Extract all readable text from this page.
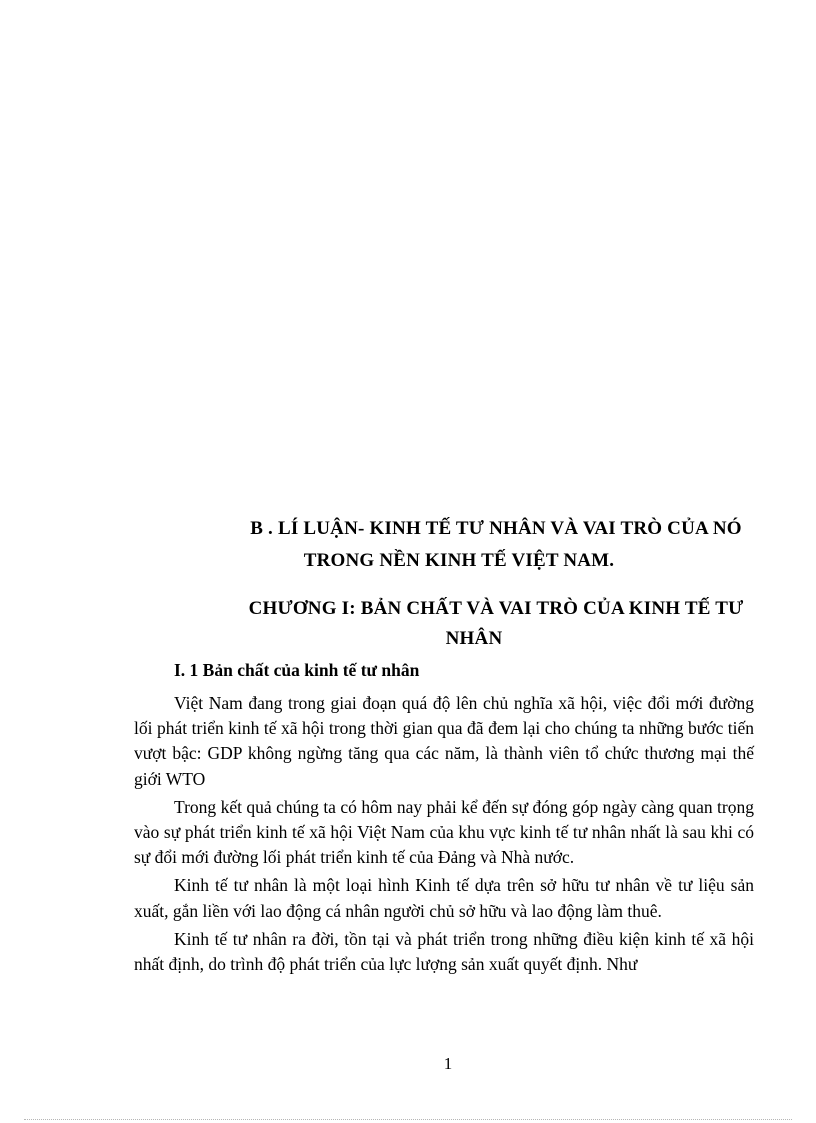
B . LÍ LUẬN- KINH TẾ TƯ NHÂN VÀ VAI TRÒ CỦA NÓ
TRONG NỀN KINH TẾ VIỆT NAM.
CHƯƠNG I: BẢN CHẤT VÀ VAI TRÒ CỦA KINH TẾ TƯ
NHÂN
I. 1 Bản chất của kinh tế tư nhân

Việt Nam đang trong giai đoạn quá độ lên chủ nghĩa xã hội, việc đổi mới đường lối phát triển kinh tế xã hội trong thời gian qua đã đem lại cho chúng ta những bước tiến vượt bậc: GDP không ngừng tăng qua các năm, là thành viên tổ chức thương mại thế giới WTO

Trong kết quả chúng ta có hôm nay phải kể đến sự đóng góp ngày càng quan trọng vào sự phát triển kinh tế xã hội Việt Nam của khu vực kinh tế tư nhân nhất là sau khi có sự đổi mới đường lối phát triển kinh tế của Đảng và Nhà nước.

Kinh tế tư nhân là một loại hình Kinh tế dựa trên sở hữu tư nhân về tư liệu sản xuất, gắn liền với lao động cá nhân người chủ sở hữu và lao động làm thuê.

Kinh tế tư nhân ra đời, tồn tại và phát triển trong những điều kiện kinh tế xã hội nhất định, do trình độ phát triển của lực lượng sản xuất quyết định. Như

1
